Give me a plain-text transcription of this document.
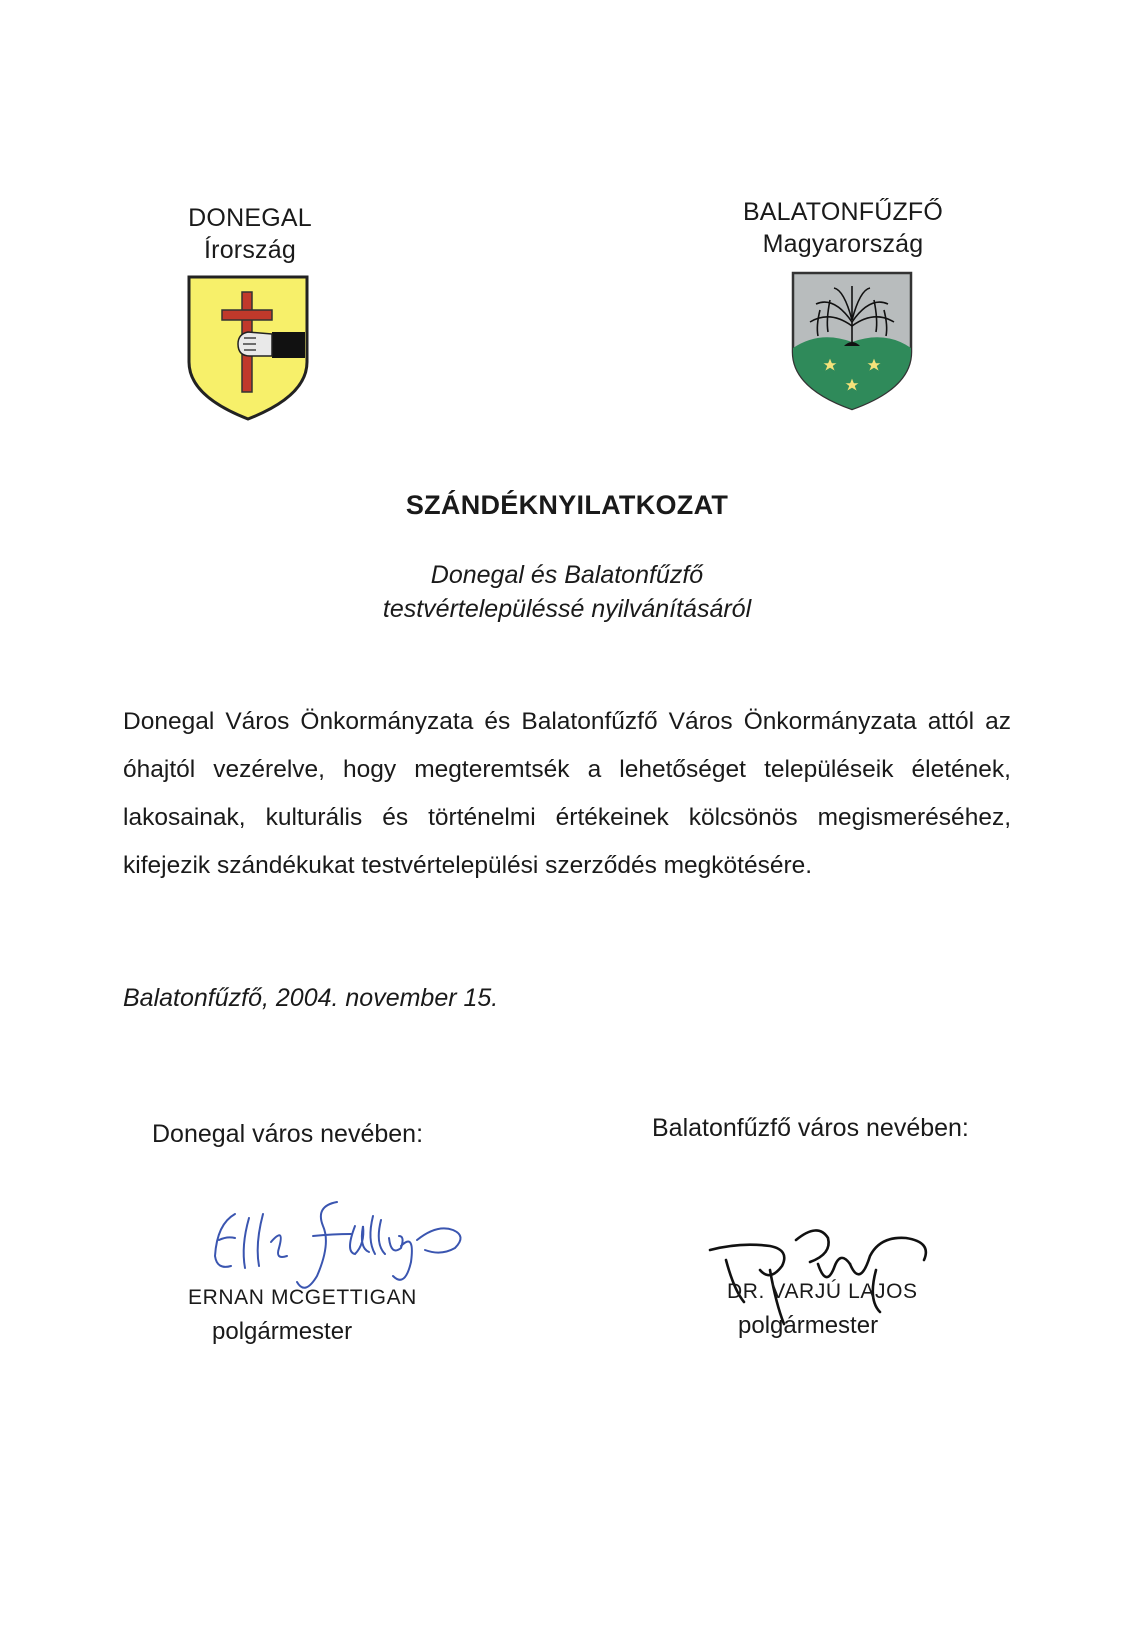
DONEGAL
Írország
BALATONFŰZFŐ
Magyarország
SZÁNDÉKNYILATKOZAT
Donegal és Balatonfűzfő
testvértelepüléssé nyilvánításáról
Donegal Város Önkormányzata és Balatonfűzfő Város Önkormányzata attól az óhajtól vezérelve, hogy megteremtsék a lehetőséget településeik életének, lakosainak, kulturális és történelmi értékeinek kölcsönös megismeréséhez, kifejezik szándékukat testvértelepülési szerződés megkötésére.
Balatonfűzfő, 2004. november 15.
Donegal város nevében:
ERNAN MCGETTIGAN
polgármester
Balatonfűzfő város nevében:
DR. VARJÚ LAJOS
polgármester
